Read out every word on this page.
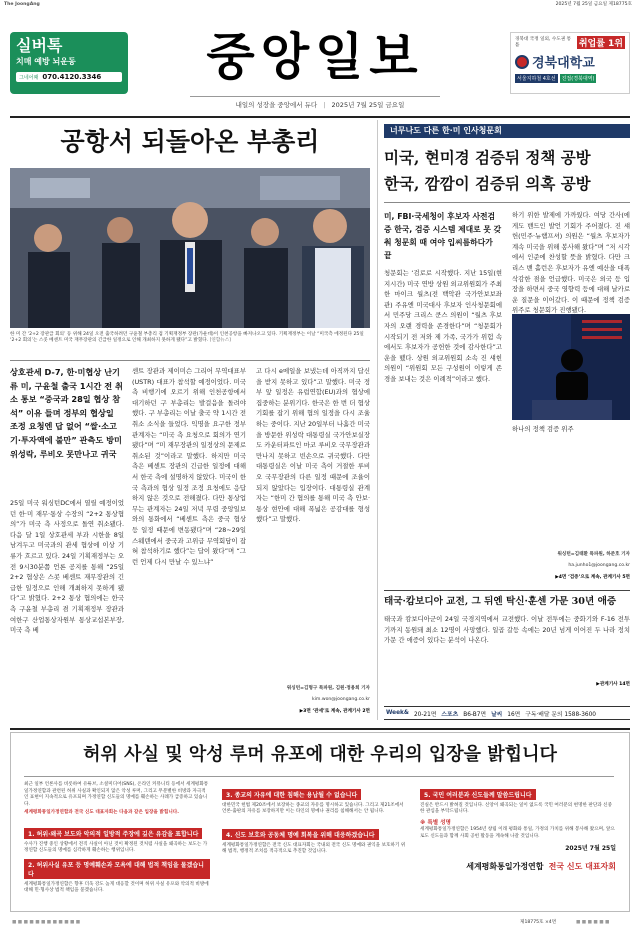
The JoongAng	2025년 7월 25일 금요일 제18775호
실버톡
치매 예방 뇌운동
그네어째 070.4120.3346	중앙일보
내일의 성장을 중앙에서 듀다 | 2025년 7월 25일 금요일
경북대 국정 일외, 수도권 통틀	취업률 1위
경북대학교
서울지하철 4호선	진접(경북대역)
공항서 되돌아온 부총리
한 미 간 ‘2+2 장관급 회의’ 등 위해 24일 오전 출국하려던 구윤철 부총리 겸 기획재정부 장관(가운데)이 인천공항을 빠져나오고 있다. 기획재정부는 이날 “미국측 에정된다 25일 ‘2+2 회의’는 스콧 베센트 미국 재무장관의 긴급한 일정으로 인해 개최하지 못하게 됐다”고 밝혔다. [연합뉴스]
상호관세 D-7, 한·미협상 난기류 미, 구윤철 출국 1시간 전 취소 통보 “중국과 28일 협상 참석” 이유 들며 정부의 협상일 조정 요청엔 답 없어 “쌀·소고기·투자액에 불만” 관측도 방미 위성락, 루비오 못만나고 귀국
25일 미국 워싱턴DC에서 열릴 예정이었던 한·미 재무·통상 수장의 “2+2 통상협의”가 미국 측 사정으로 돌연 취소됐다. 다음 달 1일 상호관세 부과 시한을 8일 남겨두고 미국과의 관세 협상에 이상 기류가 흐르고 있다. 24일 기획재정부는 오전 9시30분쯤 언론 공지를 통해 “25일 2+2 협상은 스콧 베센트 재무장관의 긴급한 일정으로 인해 개최하지 못하게 됐다”고 밝혔다. 2+2 통상 협의에는 한국 측 구윤철 부총리 겸 기획재정부 장관과 여한구 산업통상자원부 통상교섭본부장, 미국 측 베
센트 장관과 제이미슨 그리어 무역대표부(USTR) 대표가 참석할 예정이었다. 미국측 비행기에 오르기 위해 인천공항에서 대기하던 구 부총리는 발걸음을 돌려야 했다. 구 부총리는 이날 출국 약 1시간 전 취소 소식을 들었다. 익명을 요구한 정부 관계자는 “미국 측 요청으로 회의가 연기됐다”며 “미 재무장관의 일정상의 문제로 취소된 것”이라고 말했다. 하지만 미국 측은 베센트 장관의 긴급한 일정에 대해서 한국 측에 설명하지 않았다. 미국이 한국 측과의 협상 일정 조정 요청에도 응답하지 않은 것으로 전해졌다. 다만 통상업무는 관계자는 24일 저녁 무렵 중앙일보와의 통화에서 “베센트 측은 중국 협상 등 일정 때문에 변동됐다”며 “28~29일 스웨덴에서 중국과 고위급 무역회담이 잡혀 참석하기로 했다”는 답이 왔다”며 “그런 언제 다시 만날 수 있느냐”
고 다시 e메일을 보냈는데 아직까지 답신을 받지 못하고 있다”고 말했다. 미국 정부 앞 일정은 유럽연합(EU)과의 협상에 집중하는 분위기다. 한국은 한 번 더 협상 기회를 잡기 위해 협의 일정을 다시 조율하는 중이다. 지난 20일부터 나흘간 미국을 방문한 위성락 대통령실 국가안보실장도 카운터파트인 마코 루비오 국무장관과 만나지 못하고 빈손으로 귀국했다. 다만 대통령실은 이날 미국 측이 거절한 루비오 국무장관의 다른 일정 때문에 조율이 되지 않았다는 입장이다. 대통령실 관계자는 “한미 간 협의를 통해 미국 측 안보·통상 현안에 대해 폭넓은 공감대를 형성했다”고 말했다.
워싱턴=김형구 특파원, 김원·정용희 기자
kim.won@joongang.co.kr
▶3면 ‘관세’로 계속, 관계기사 2면
너무나도 다른 한·미 인사청문회
미국, 현미경 검증뒤 정책 공방
한국, 깜깜이 검증뒤 의혹 공방
미, FBI·국세청이 후보자 사전검증 한국, 검증 시스템 제대로 못 갖춰 청문회 때 여야 입씨름하다가 끝
청문회는 ‘검로로 시작했다. 지난 15일(현지시간) 미국 연방 상원 외교위원회가 주최한 마이크 월츠(전 백악관 국가안보보좌관) 주유엔 미국대사 후보자 인사청문회에서 민주당 크리스 쿤스 의원이 “월츠 후보자의 오랜 경력을 존경한다”며 “청문회가 시작되기 전 저와 제 가족, 국가가 위험 속에서도 후보자가 공헌한 것에 감사한다”고 운을 뗐다. 상원 외교위원회 소속 진 섀힌 의원이 “위원회 모든 구성원이 이렇게 존경을 보내는 것은 이례적”이라고 했다.
하기 위한 발제에 가까웠다. 여당 간사(에게도 밴드인 발언 기회가 주어졌다. 진 섀헌(민주·뉴햄프셔) 의원은 “월츠 후보자가 계속 미국을 위해 봉사해 왔다”며 “저 시각에서 인준에 찬성할 뜻을 밝혔다. 다만 크리스 밴 홀런은 후보자가 유엔 예산을 대폭 삭감한 점을 언급했다. 미국은 외국 등 입장을 하면서 중국 영향력 등에 대해 날카로운 질문을 이어갔다. 이 때문에 정책 검증 위주로 청문회가 진행됐다.
하나의 정책 검증 위주
워싱턴=김태환 특파원, 하준호 기자
ha.junho1@joongang.co.kr
▶4면 ‘검증’으로 계속, 관계기사 5면
태국·캄보디아 교전, 그 뒤엔 탁신·훈센 가문 30년 애증
태국과 캄보디아군이 24일 국경지역에서 교전했다. 이날 전투에는 중화기와 F-16 전투기까지 동원돼 최소 12명이 사망했다. 일곱 갈등 속에는 20년 넘게 이어진 두 나라 정치 가문 간 애증이 있다는 분석이 나온다.
▶관계기사 14면
Week& 20-21면 스포츠 B6-B7면 날씨 16면 구독·배달 문의 1588-3600
허위 사실 및 악성 루머 유포에 대한 우리의 입장을 밝힙니다
최근 일부 언론사를 비롯하여 유튜브, 소셜미디어(SNS), 온라인 커뮤니티 등에서 세계평화통일가정연합과 관련된 허위 사실과 확인되지 않은 악성 루머, 그리고 무분별한 비방과 자극적인 표현이 지속적으로 유포되며 가정연합 신도들의 명예를 훼손하는 사례가 급증하고 있습니다.
세계평화통일가정연합과 전국 신도 대표자회는 다음과 같은 입장을 밝힙니다.
1. 허위·왜곡 보도와 악의적 일방적 주장에 깊은 유감을 표합니다
수사가 진행 중인 상황에서 전직 사실이 아닌 것이 확정된 것처럼 사실을 왜곡하는 보도는 가정연합 신도들의 명예를 심각하게 훼손하는 행위입니다.
2. 허위사실 유포 등 명예훼손과 모욕에 대해 법적 책임을 물겠습니다
세계평화통일가정연합은 향후 더욱 강도 높게 대응할 것이며 허위 사실 유포와 악의적 비방에 대해 민·형사상 법적 책임을 묻겠습니다.
3. 종교의 자유에 대한 침해는 용납될 수 없습니다
대한민국 헌법 제20조에서 보장하는 종교의 자유를 명시하고 있습니다. 그리고 제21조에서 언론·출판의 자유를 보장하지만 이는 타인의 명예나 권리를 침해해서는 안 됩니다.
4. 신도 보호와 공동체 명예 회복을 위해 대응하겠습니다
세계평화통일가정연합은 전국 신도 대표자회는 국내외 전국 신도 명예와 권익을 보호하기 위해 법적, 행정적 조치를 적극적으로 추진할 것입니다.
5. 국민 여러분과 신도들께 말씀드립니다
진실은 반드시 밝혀질 것입니다. 신앙이 왜곡되는 일이 없도록 국민 여러분의 현명한 판단과 신중한 관심을 부탁드립니다.
※ 특별 성명
세계평화통일가정연합은 1954년 창립 이래 평화와 통일, 가정의 가치를 위해 봉사해 왔으며, 앞으로도 신도들과 함께 사회 공헌 활동을 계속해 나갈 것입니다.
2025년 7월 25일
세계평화통일가정연합 전국 신도 대표자회
■ ■ ■ ■ ■ ■ ■ ■ ■ ■ ■ ■	제18775호 ×4면	■ ■ ■ ■ ■ ■
